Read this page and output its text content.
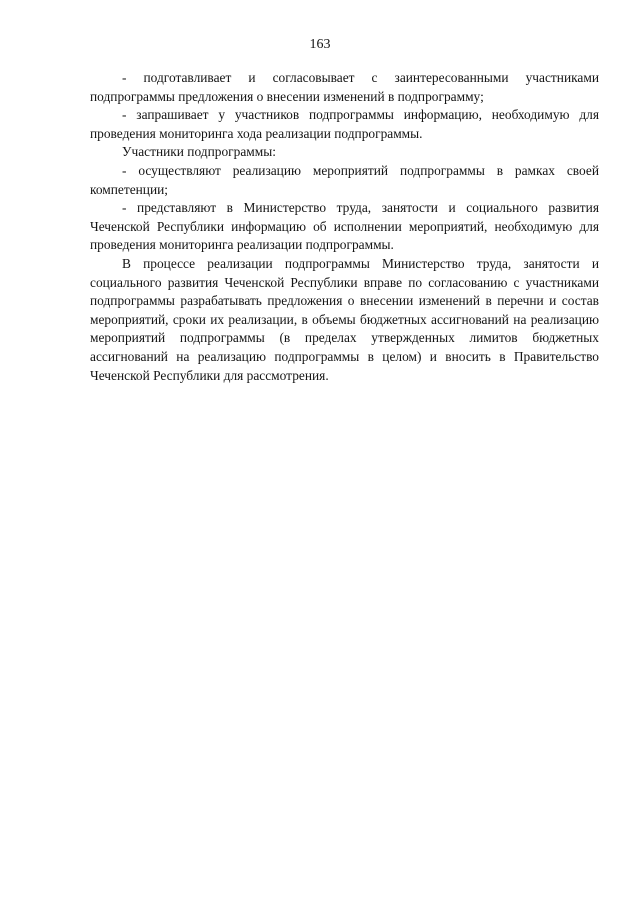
163

- подготавливает и согласовывает с заинтересованными участниками подпрограммы предложения о внесении изменений в подпрограмму;

- запрашивает у участников подпрограммы информацию, необходимую для проведения мониторинга хода реализации подпрограммы.

Участники подпрограммы:

- осуществляют реализацию мероприятий подпрограммы в рамках своей компетенции;

- представляют в Министерство труда, занятости и социального развития Чеченской Республики информацию об исполнении мероприятий, необходимую для проведения мониторинга реализации подпрограммы.

В процессе реализации подпрограммы Министерство труда, занятости и социального развития Чеченской Республики вправе по согласованию с участниками подпрограммы разрабатывать предложения о внесении изменений в перечни и состав мероприятий, сроки их реализации, в объемы бюджетных ассигнований на реализацию мероприятий подпрограммы (в пределах утвержденных лимитов бюджетных ассигнований на реализацию подпрограммы в целом) и вносить в Правительство Чеченской Республики для рассмотрения.
